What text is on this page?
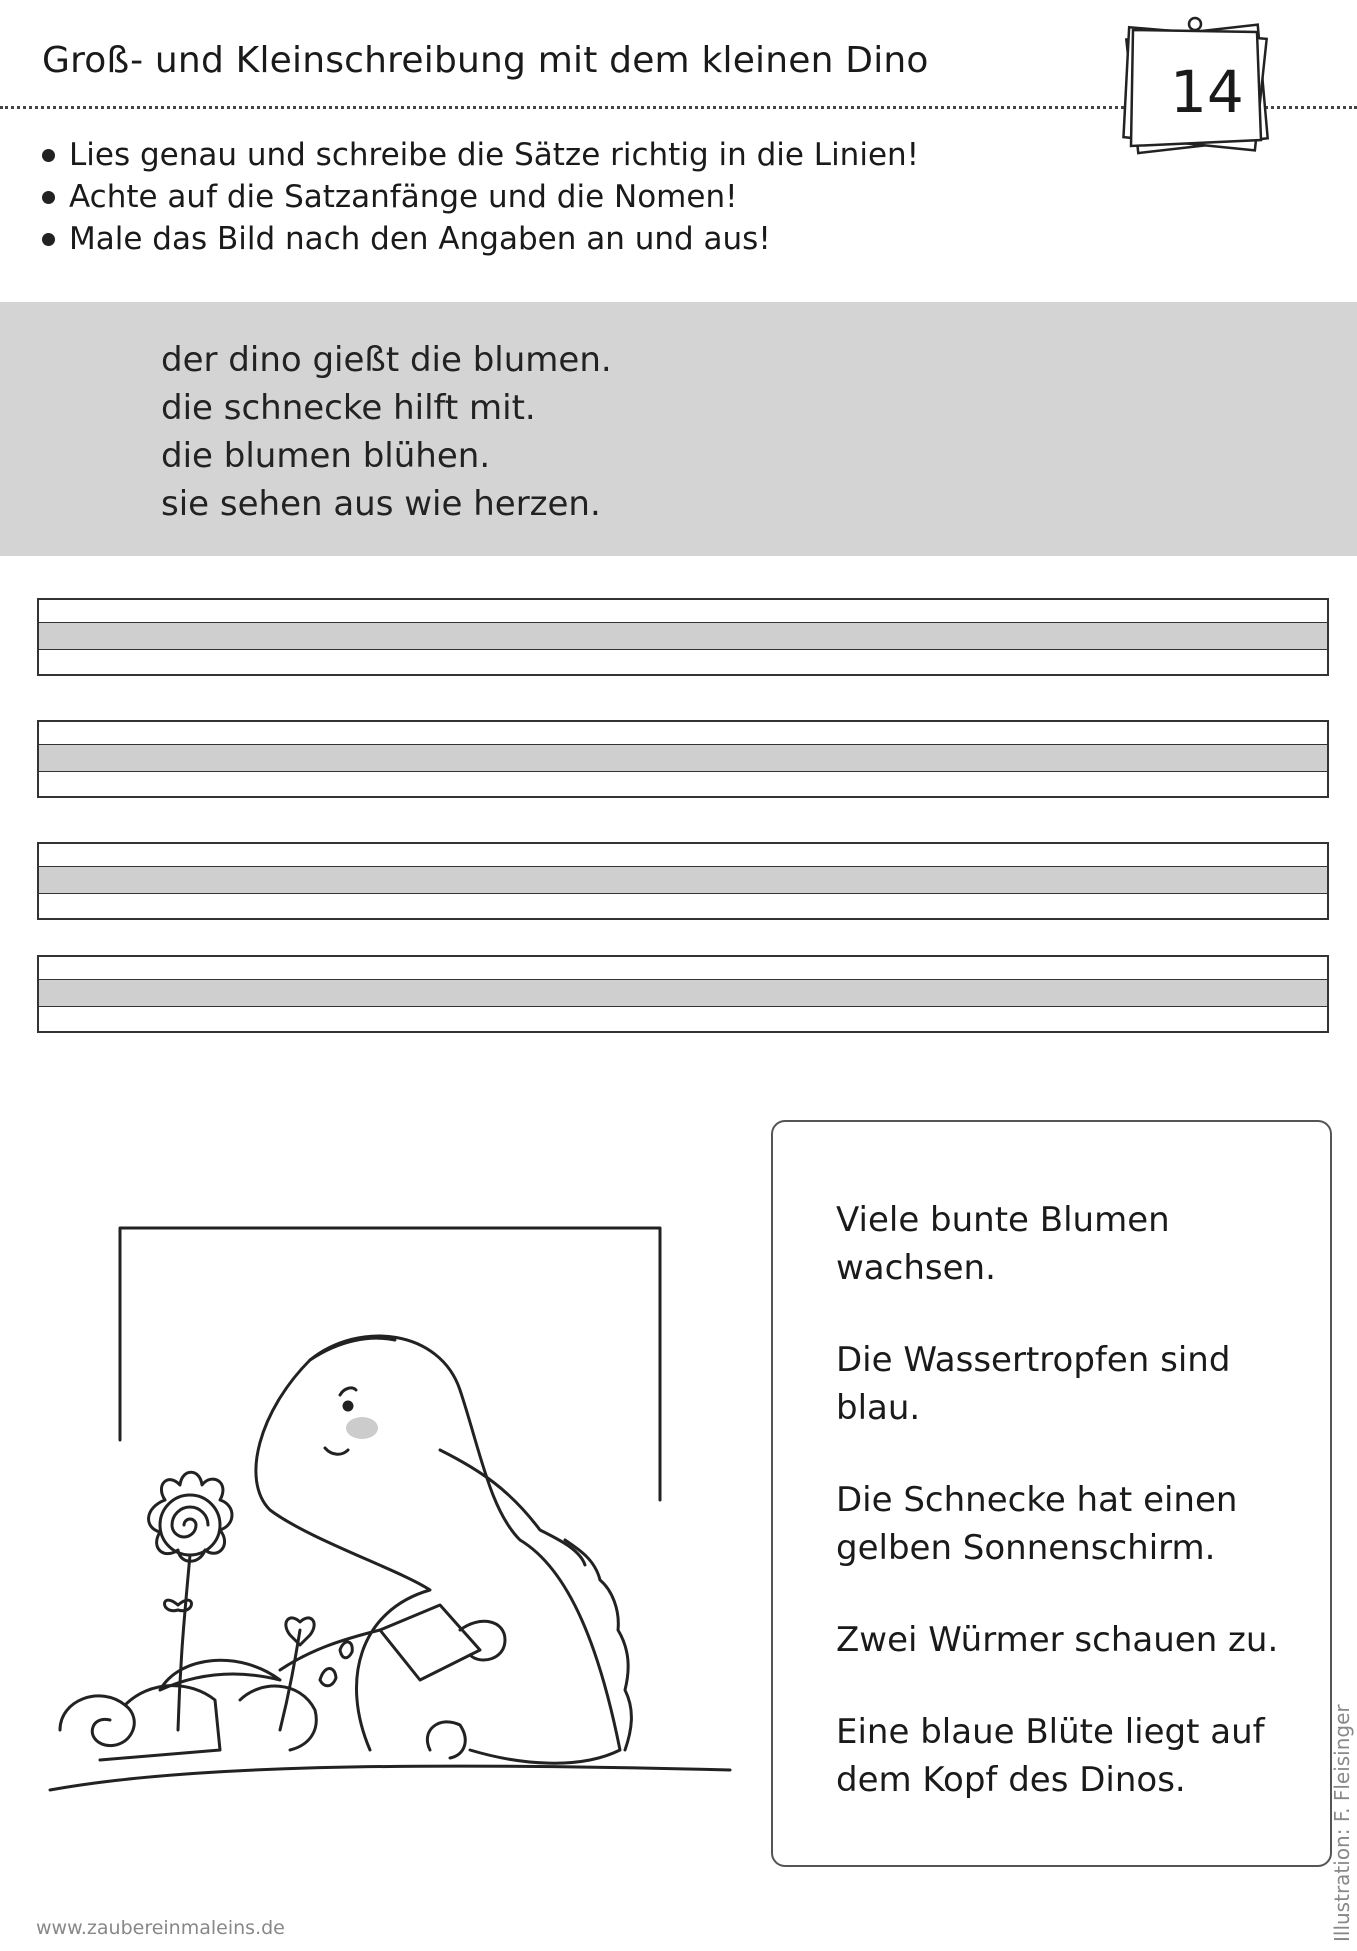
Groß- und Kleinschreibung mit dem kleinen Dino	14
Lies genau und schreibe die Sätze richtig in die Linien!
Achte auf die Satzanfänge und die Nomen!
Male das Bild nach den Angaben an und aus!
der dino gießt die blumen.
die schnecke hilft mit.
die blumen blühen.
sie sehen aus wie herzen.

Viele bunte Blumen wachsen.

Die Wassertropfen sind blau.

Die Schnecke hat einen gelben Sonnenschirm.

Zwei Würmer schauen zu.

Eine blaue Blüte liegt auf dem Kopf des Dinos.	Illustration: F. Fleisinger
www.zaubereinmaleins.de
